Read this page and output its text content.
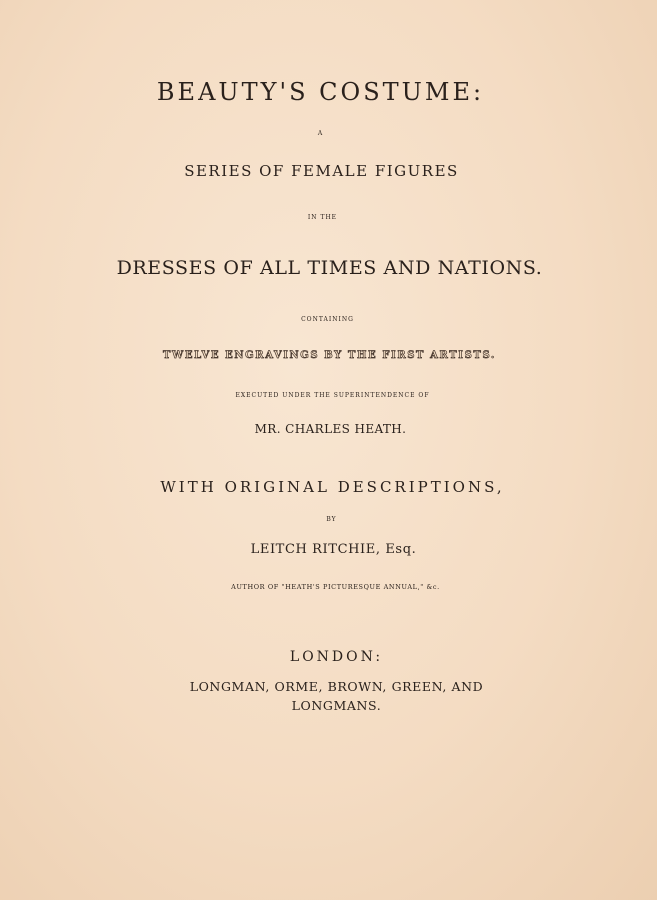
BEAUTY'S COSTUME:
A
SERIES OF FEMALE FIGURES
IN THE
DRESSES OF ALL TIMES AND NATIONS.
CONTAINING
TWELVE ENGRAVINGS BY THE FIRST ARTISTS.
EXECUTED UNDER THE SUPERINTENDENCE OF
MR. CHARLES HEATH.
WITH ORIGINAL DESCRIPTIONS,
BY
LEITCH RITCHIE, Esq.
AUTHOR OF "HEATH'S PICTURESQUE ANNUAL," &c.
LONDON:
LONGMAN, ORME, BROWN, GREEN, AND
LONGMANS.
